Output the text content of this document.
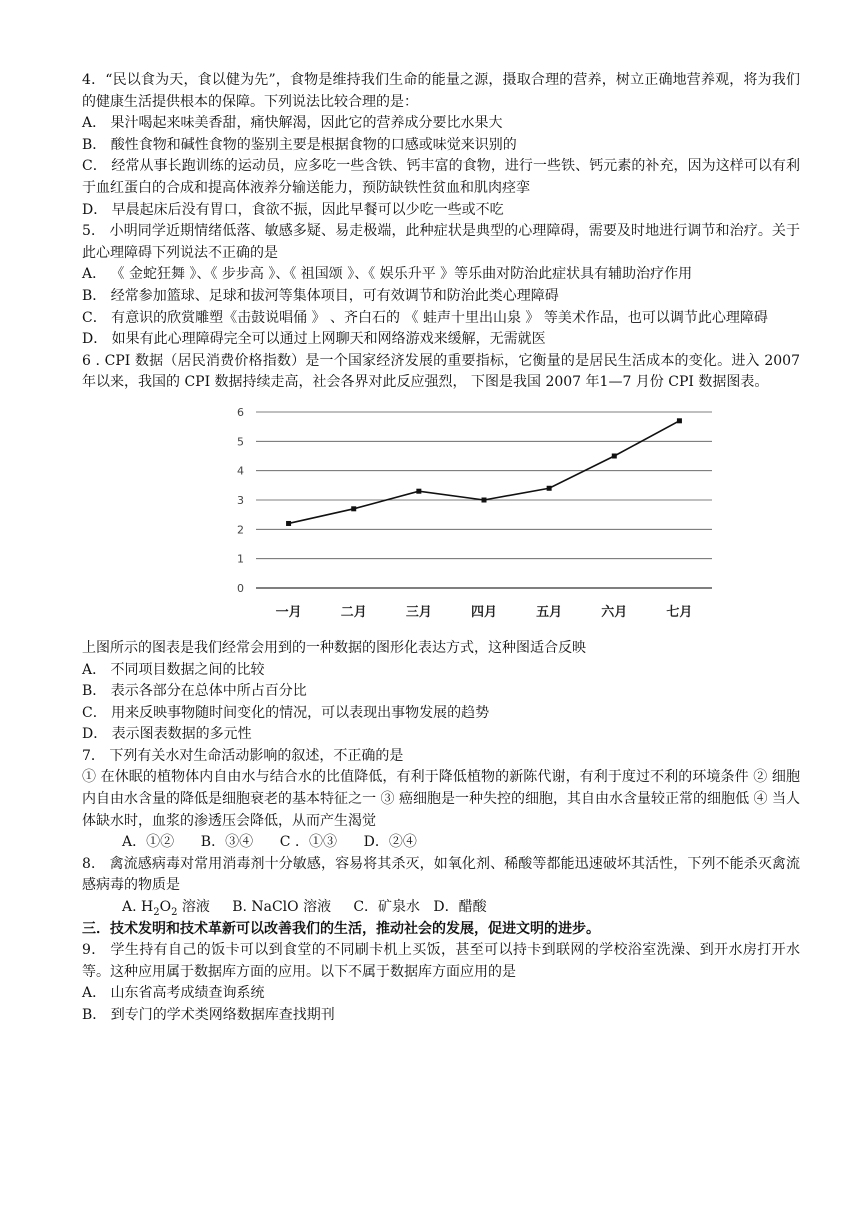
4．“民以食为天，食以健为先”，食物是维持我们生命的能量之源，摄取合理的营养，树立正确地营养观，将为我们的健康生活提供根本的保障。下列说法比较合理的是：

A． 果汁喝起来味美香甜，痛快解渴，因此它的营养成分要比水果大

B． 酸性食物和碱性食物的鉴别主要是根据食物的口感或味觉来识别的

C． 经常从事长跑训练的运动员，应多吃一些含铁、钙丰富的食物，进行一些铁、钙元素的补充，因为这样可以有利于血红蛋白的合成和提高体液养分输送能力，预防缺铁性贫血和肌肉痉挛

D． 早晨起床后没有胃口，食欲不振，因此早餐可以少吃一些或不吃

5． 小明同学近期情绪低落、敏感多疑、易走极端，此种症状是典型的心理障碍，需要及时地进行调节和治疗。关于此心理障碍下列说法不正确的是

A． 《 金蛇狂舞 》、《 步步高 》、《 祖国颂 》、《 娱乐升平 》等乐曲对防治此症状具有辅助治疗作用

B． 经常参加篮球、足球和拔河等集体项目，可有效调节和防治此类心理障碍

C． 有意识的欣赏雕塑《击鼓说唱俑 》 、齐白石的 《 蛙声十里出山泉 》 等美术作品，也可以调节此心理障碍

D． 如果有此心理障碍完全可以通过上网聊天和网络游戏来缓解，无需就医

6 . CPI 数据（居民消费价格指数）是一个国家经济发展的重要指标，它衡量的是居民生活成本的变化。进入 2007 年以来，我国的 CPI 数据持续走高，社会各界对此反应强烈， 下图是我国 2007 年1—7 月份 CPI 数据图表。

0
1
2
3
4
5
6
一月	二月	三月	四月	五月	六月	七月

上图所示的图表是我们经常会用到的一种数据的图形化表达方式，这种图适合反映

A． 不同项目数据之间的比较

B． 表示各部分在总体中所占百分比

C． 用来反映事物随时间变化的情况，可以表现出事物发展的趋势

D． 表示图表数据的多元性

7． 下列有关水对生命活动影响的叙述，不正确的是

① 在休眠的植物体内自由水与结合水的比值降低，有利于降低植物的新陈代谢，有利于度过不利的环境条件 ② 细胞内自由水含量的降低是细胞衰老的基本特征之一 ③ 癌细胞是一种失控的细胞，其自由水含量较正常的细胞低 ④ 当人体缺水时，血浆的渗透压会降低，从而产生渴觉

A．①②      B．③④      C ．①③      D．②④

8． 禽流感病毒对常用消毒剂十分敏感，容易将其杀灭，如氧化剂、稀酸等都能迅速破坏其活性，下列不能杀灭禽流感病毒的物质是

A. $H_2O_2$ 溶液 B. NaClO 溶液     C．矿泉水   D．醋酸

三．技术发明和技术革新可以改善我们的生活，推动社会的发展，促进文明的进步。

9． 学生持有自己的饭卡可以到食堂的不同刷卡机上买饭，甚至可以持卡到联网的学校浴室洗澡、到开水房打开水等。这种应用属于数据库方面的应用。以下不属于数据库方面应用的是

A． 山东省高考成绩查询系统

B． 到专门的学术类网络数据库查找期刊
